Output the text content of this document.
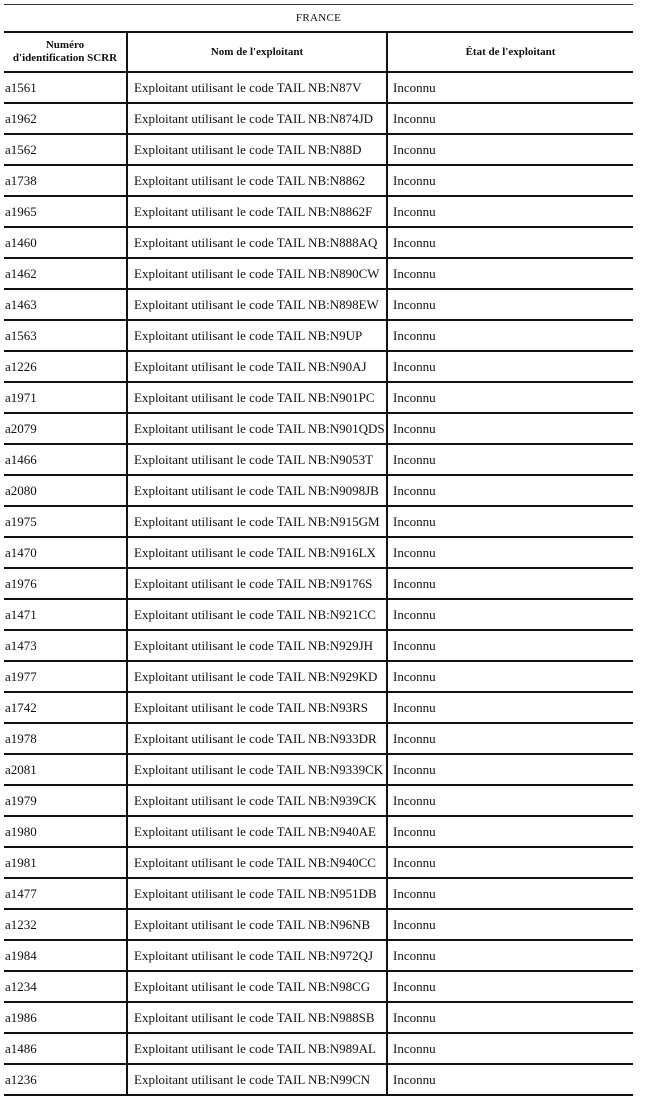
FRANCE		
Numéro
d'identification SCRR	Nom de l'exploitant	État de l'exploitant
a1561	Exploitant utilisant le code TAIL NB:N87V	Inconnu
a1962	Exploitant utilisant le code TAIL NB:N874JD	Inconnu
a1562	Exploitant utilisant le code TAIL NB:N88D	Inconnu
a1738	Exploitant utilisant le code TAIL NB:N8862	Inconnu
a1965	Exploitant utilisant le code TAIL NB:N8862F	Inconnu
a1460	Exploitant utilisant le code TAIL NB:N888AQ	Inconnu
a1462	Exploitant utilisant le code TAIL NB:N890CW	Inconnu
a1463	Exploitant utilisant le code TAIL NB:N898EW	Inconnu
a1563	Exploitant utilisant le code TAIL NB:N9UP	Inconnu
a1226	Exploitant utilisant le code TAIL NB:N90AJ	Inconnu
a1971	Exploitant utilisant le code TAIL NB:N901PC	Inconnu
a2079	Exploitant utilisant le code TAIL NB:N901QDS	Inconnu
a1466	Exploitant utilisant le code TAIL NB:N9053T	Inconnu
a2080	Exploitant utilisant le code TAIL NB:N9098JB	Inconnu
a1975	Exploitant utilisant le code TAIL NB:N915GM	Inconnu
a1470	Exploitant utilisant le code TAIL NB:N916LX	Inconnu
a1976	Exploitant utilisant le code TAIL NB:N9176S	Inconnu
a1471	Exploitant utilisant le code TAIL NB:N921CC	Inconnu
a1473	Exploitant utilisant le code TAIL NB:N929JH	Inconnu
a1977	Exploitant utilisant le code TAIL NB:N929KD	Inconnu
a1742	Exploitant utilisant le code TAIL NB:N93RS	Inconnu
a1978	Exploitant utilisant le code TAIL NB:N933DR	Inconnu
a2081	Exploitant utilisant le code TAIL NB:N9339CK	Inconnu
a1979	Exploitant utilisant le code TAIL NB:N939CK	Inconnu
a1980	Exploitant utilisant le code TAIL NB:N940AE	Inconnu
a1981	Exploitant utilisant le code TAIL NB:N940CC	Inconnu
a1477	Exploitant utilisant le code TAIL NB:N951DB	Inconnu
a1232	Exploitant utilisant le code TAIL NB:N96NB	Inconnu
a1984	Exploitant utilisant le code TAIL NB:N972QJ	Inconnu
a1234	Exploitant utilisant le code TAIL NB:N98CG	Inconnu
a1986	Exploitant utilisant le code TAIL NB:N988SB	Inconnu
a1486	Exploitant utilisant le code TAIL NB:N989AL	Inconnu
a1236	Exploitant utilisant le code TAIL NB:N99CN	Inconnu
